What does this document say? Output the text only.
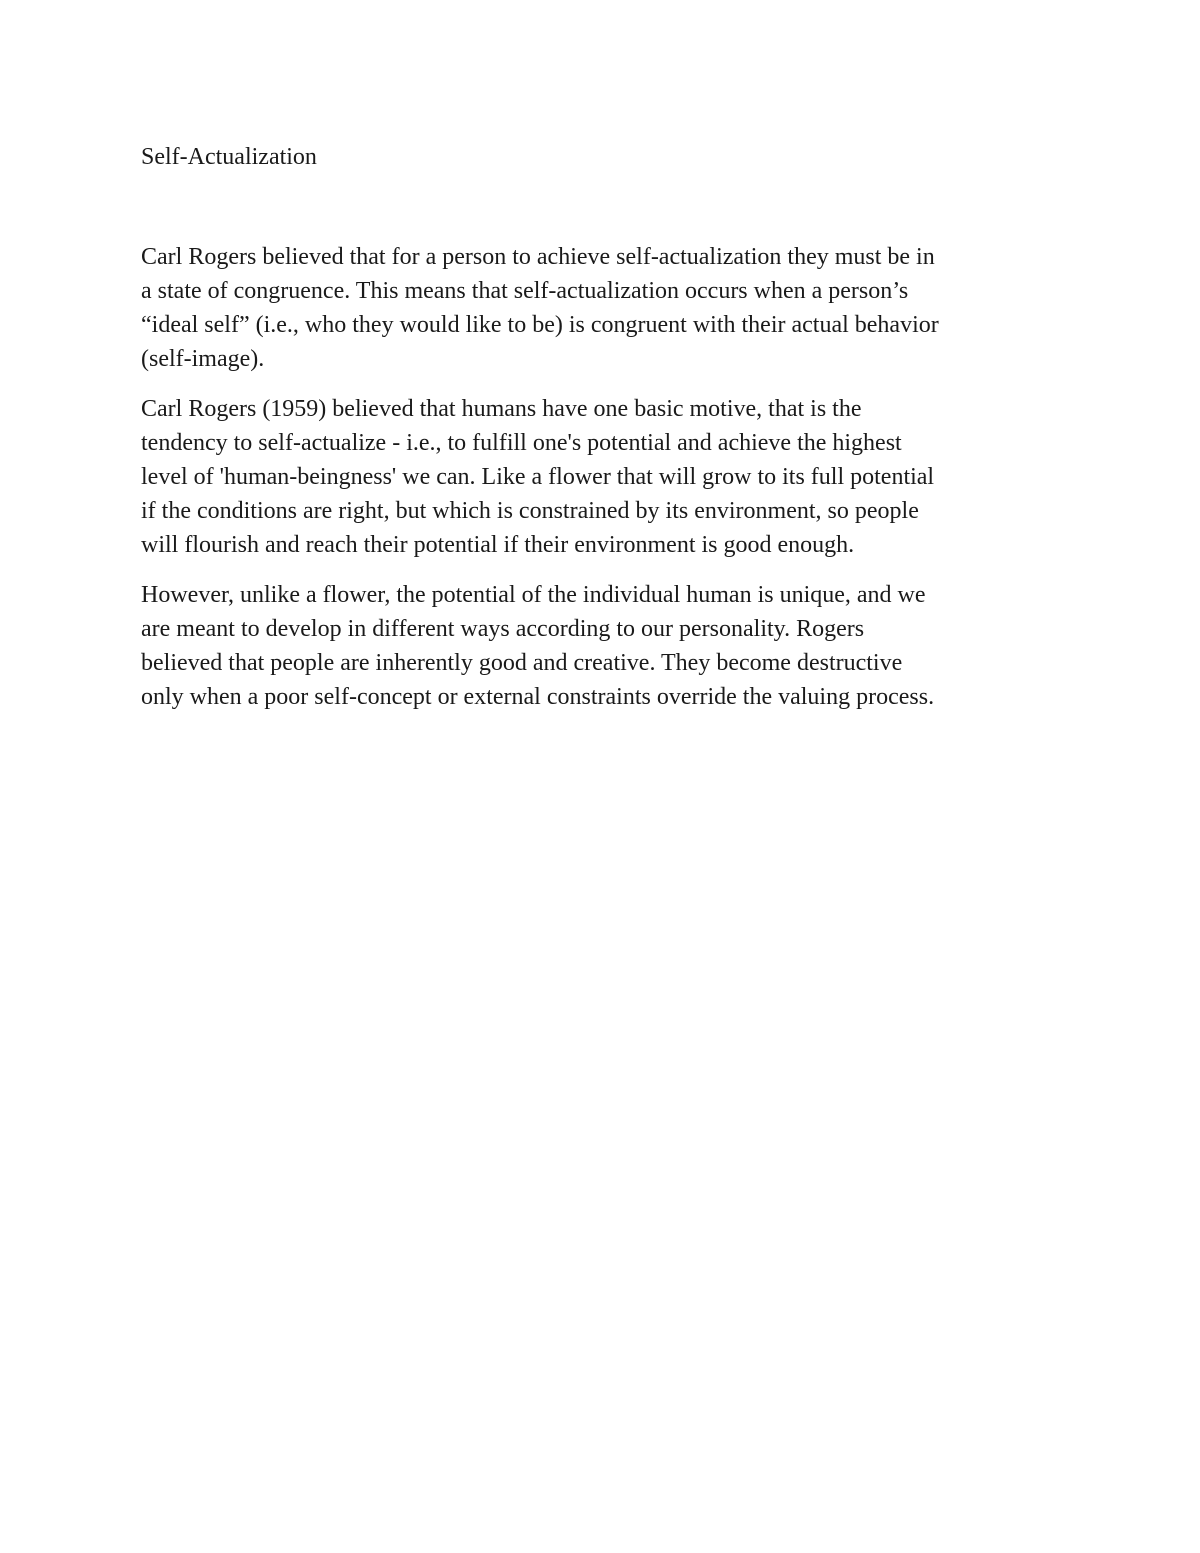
Self-Actualization

Carl Rogers believed that for a person to achieve self-actualization they must be in
a state of congruence. This means that self-actualization occurs when a person’s
“ideal self” (i.e., who they would like to be) is congruent with their actual behavior
(self-image).

Carl Rogers (1959) believed that humans have one basic motive, that is the
tendency to self-actualize - i.e., to fulfill one's potential and achieve the highest
level of 'human-beingness' we can. Like a flower that will grow to its full potential
if the conditions are right, but which is constrained by its environment, so people
will flourish and reach their potential if their environment is good enough.

However, unlike a flower, the potential of the individual human is unique, and we
are meant to develop in different ways according to our personality. Rogers
believed that people are inherently good and creative. They become destructive
only when a poor self-concept or external constraints override the valuing process.
